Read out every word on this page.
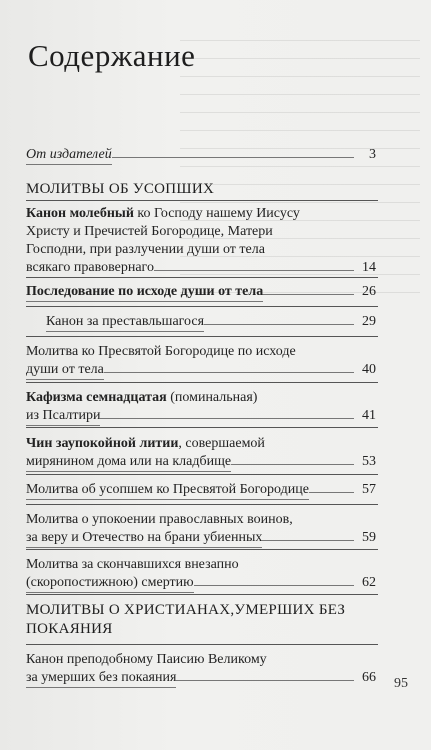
Содержание
От издателей	3
МОЛИТВЫ ОБ УСОПШИХ
Канон молебный ко Господу нашему Иисусу
Христу и Пречистей Богородице, Матери
Господни, при разлучении души от тела
всякаго правовернаго	14
Последование по исходе души от тела	26
Канон за преставльшагося	29
Молитва ко Пресвятой Богородице по исходе
души от тела	40
Кафизма семнадцатая (поминальная)
из Псалтири	41
Чин заупокойной литии, совершаемой
мирянином дома или на кладбище	53
Молитва об усопшем ко Пресвятой Богородице	57
Молитва о упокоении православных воинов,
за веру и Отечество на брани убиенных	59
Молитва за скончавшихся внезапно
(скоропостижною) смертию	62
МОЛИТВЫ О ХРИСТИАНАХ,УМЕРШИХ БЕЗ ПОКАЯНИЯ
Канон преподобному Паисию Великому
за умерших без покаяния	66 95
